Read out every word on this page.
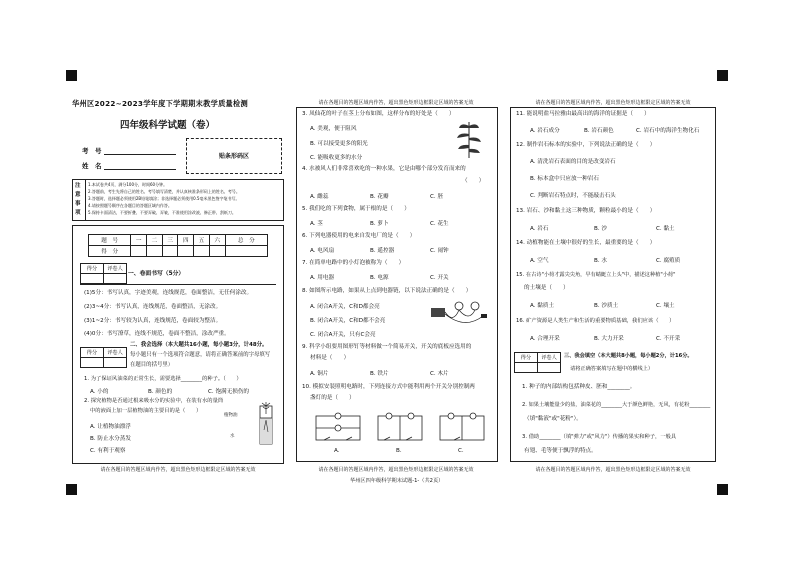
华州区2022~2023学年度下学期期末教学质量检测
四年级科学试题（卷）
考　号
姓　名
贴条形码区
注意事项
1.本试卷共4页，满分100分，时间60分钟。
2.答题前，考生先将自己的姓名、考号填写清楚，并认真核准条形码上的姓名、考号。
3.答题时，选择题必须使用2B铅笔填涂；非选择题必须使用0.5毫米黑色签字笔书写。
4.请按照题号顺序在各题目的答题区域内作答。
5.保持卡面清洁，不要折叠、不要弄破、弄皱，不准使用涂改液、修正带、刮纸刀。
题　号	一	二	三	四	五	六	总　分
得　分							
得分	评卷人

一、卷面书写（5分）
(1)5分：书写认真，字迹美观，连线规范，卷面整洁，无任何涂改。
(2)3~4分：书写认真，连线规范，卷面整洁，无涂改。
(3)1~2分：书写较为认真，连线规范，卷面较为整洁。
(4)0分：书写潦草，连线不规范，卷面不整洁，涂改严重。
得分	评卷人

二、我会选择（本大题共16小题，每小题3分，计48分。
每小题只有一个选项符合题意，请将正确答案前的字母填写
在题目的括号里）
1. 为了保证风油菜的正常生长，需要选择________的种子。（　　）
A. 小的	B. 颜色的	C. 饱满无损伤的
2. 探究植物是否通过根来吸水分的实验中，在装有水的量筒
中的液面上加一层植物油的主要目的是（　　）
A. 让植物油漂浮
B. 防止水分蒸发
C. 有利于观察
植物油
水
请在各题目的答题区域内作答，超出黑色矩形边框限定区域的答案无效
请在各题目的答题区域内作答，超出黑色矩形边框限定区域的答案无效
3. 凤仙花的叶子在茎上分布如图，这样分布的好处是（　　）
A. 美观，便于阻风
B. 可以接受更多的阳光
C. 能吸收更多的水分
4. 水被风人们非常喜欢吃的一种水果，它是由哪个部分发育而来的
（　　）
A. 雌蕊	B. 花瓣	C. 胚
5. 我们吃的下列食物，属于根的是（　　）
A. 茎	B. 萝卜	C. 花生
6. 下列电器使用的电来自发电厂的是（　　）
A. 电风扇	B. 遥控器	C. 闹钟
7. 在简单电路中的小灯泡被称为（　　）
A. 用电器	B. 电源	C. 开关
8. 如图所示电路，如果从上点到电器链，以下说法正确的是（　　）
A. 闭合A开关，C和D都会亮
B. 闭合A开关，C和D都不会亮
C. 闭合A开关，只有C会亮
9. 科学小组要用图形钉等材料做一个简易开关，开关的底板应选用的
材料是（　　）
A. 铜片	B. 铁片	C. 木片
10. 模拟安装照明电路时，下列连接方式中能利用两个开关分别控制两
盏灯的是（　　）
A.	B.	C.
请在各题目的答题区域内作答，超出黑色矩形边框限定区域的答案无效
请在各题目的答题区域内作答，超出黑色矩形边框限定区域的答案无效
11. 能说明盐马拉雅由最高出的海洋的证据是（　　）
A. 岩石成分	B. 岩石颜色	C. 岩石中的海洋生物化石
12. 制作岩石标本的实验中，下列说法正确的是（　　）
A. 清洗岩石表面的目的是改变岩石
B. 标本盒中只应放一种岩石
C. 判断岩石特点时，不能敲击石头
13. 岩石、沙和黏土这三种物质，颗粒最小的是（　　）
A. 岩石	B. 沙	C. 黏土
14. 动植物能在土壤中很好的生长，最重要的是（　　）
A. 空气	B. 水	C. 腐殖质
15. 在古诗"小荷才露尖尖角，早有蜻蜓立上头"中，描述这种植"小荷"
的土壤是（　　）
A. 黏质土	B. 沙质土	C. 壤土
16. 矿产资源是人类生产和生活的重要物质基础，我们应该（　　）
A. 合理开采	B. 大力开采	C. 不开采
得分	评卷人
	三、我会填空（本大题共8小题，每小题2分，计16分。
请将正确答案填写在题中的横线上）
1. 种子的内部结构包括种皮、胚和________。
2. 如果土壤能量少的盐，油菜花的________大于颜色鲜艳，无风，有花粉________
（填"黏液"或"花粉"）。
3. 借助________（填"弹力"或"风力"）传播的果实和种子，一般具
有翅、毛等便于飘浮的特点。
请在各题目的答题区域内作答，超出黑色矩形边框限定区域的答案无效
华州区四年级科学期末试题-1-（共2页）
